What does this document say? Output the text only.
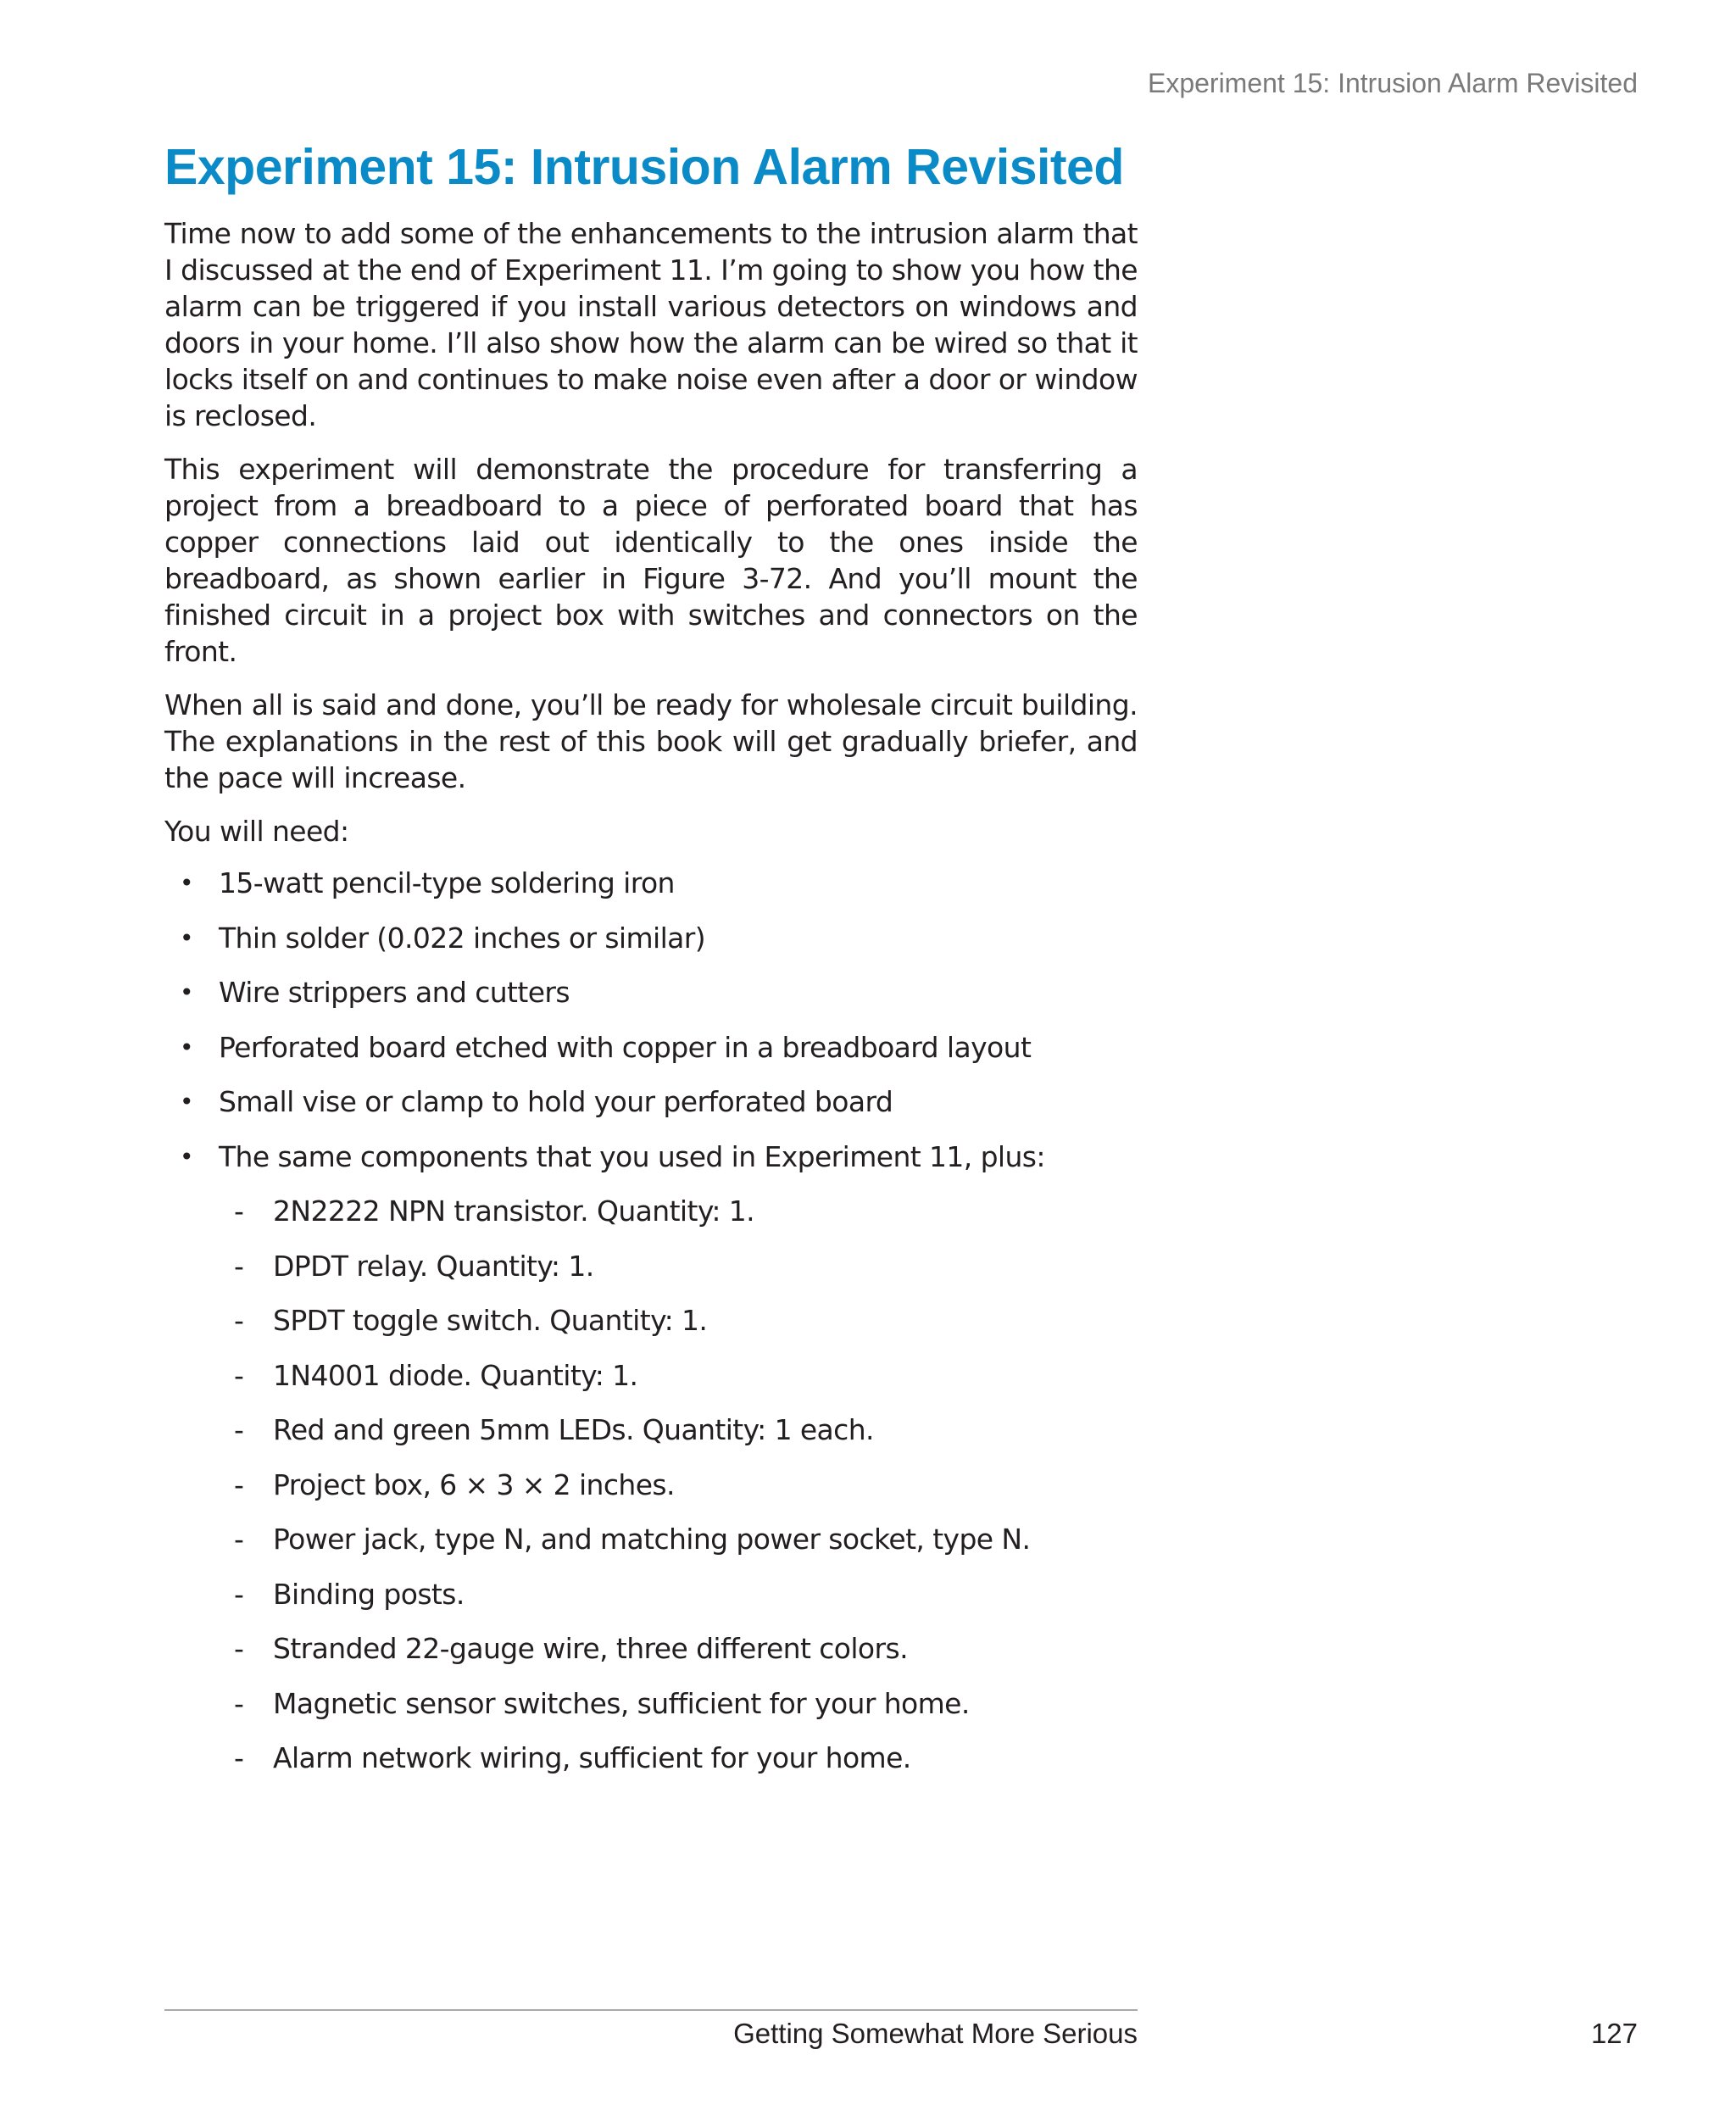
Experiment 15: Intrusion Alarm Revisited
Experiment 15: Intrusion Alarm Revisited

Time now to add some of the enhancements to the intrusion alarm that I discussed at the end of Experiment 11. I’m going to show you how the alarm can be triggered if you install various detectors on windows and doors in your home. I’ll also show how the alarm can be wired so that it locks itself on and continues to make noise even after a door or window is reclosed.

This experiment will demonstrate the procedure for transferring a project from a breadboard to a piece of perforated board that has copper connections laid out identically to the ones inside the breadboard, as shown earlier in Figure 3-72. And you’ll mount the finished circuit in a project box with switches and connectors on the front.

When all is said and done, you’ll be ready for wholesale circuit building. The explanations in the rest of this book will get gradually briefer, and the pace will increase.

You will need:

• 15-watt pencil-type soldering iron
• Thin solder (0.022 inches or similar)
• Wire strippers and cutters
• Perforated board etched with copper in a breadboard layout
• Small vise or clamp to hold your perforated board
• The same components that you used in Experiment 11, plus:
- 2N2222 NPN transistor. Quantity: 1.
- DPDT relay. Quantity: 1.
- SPDT toggle switch. Quantity: 1.
- 1N4001 diode. Quantity: 1.
- Red and green 5mm LEDs. Quantity: 1 each.
- Project box, 6 × 3 × 2 inches.
- Power jack, type N, and matching power socket, type N.
- Binding posts.
- Stranded 22-gauge wire, three different colors.
- Magnetic sensor switches, sufficient for your home.
- Alarm network wiring, sufficient for your home.
Getting Somewhat More Serious	127
